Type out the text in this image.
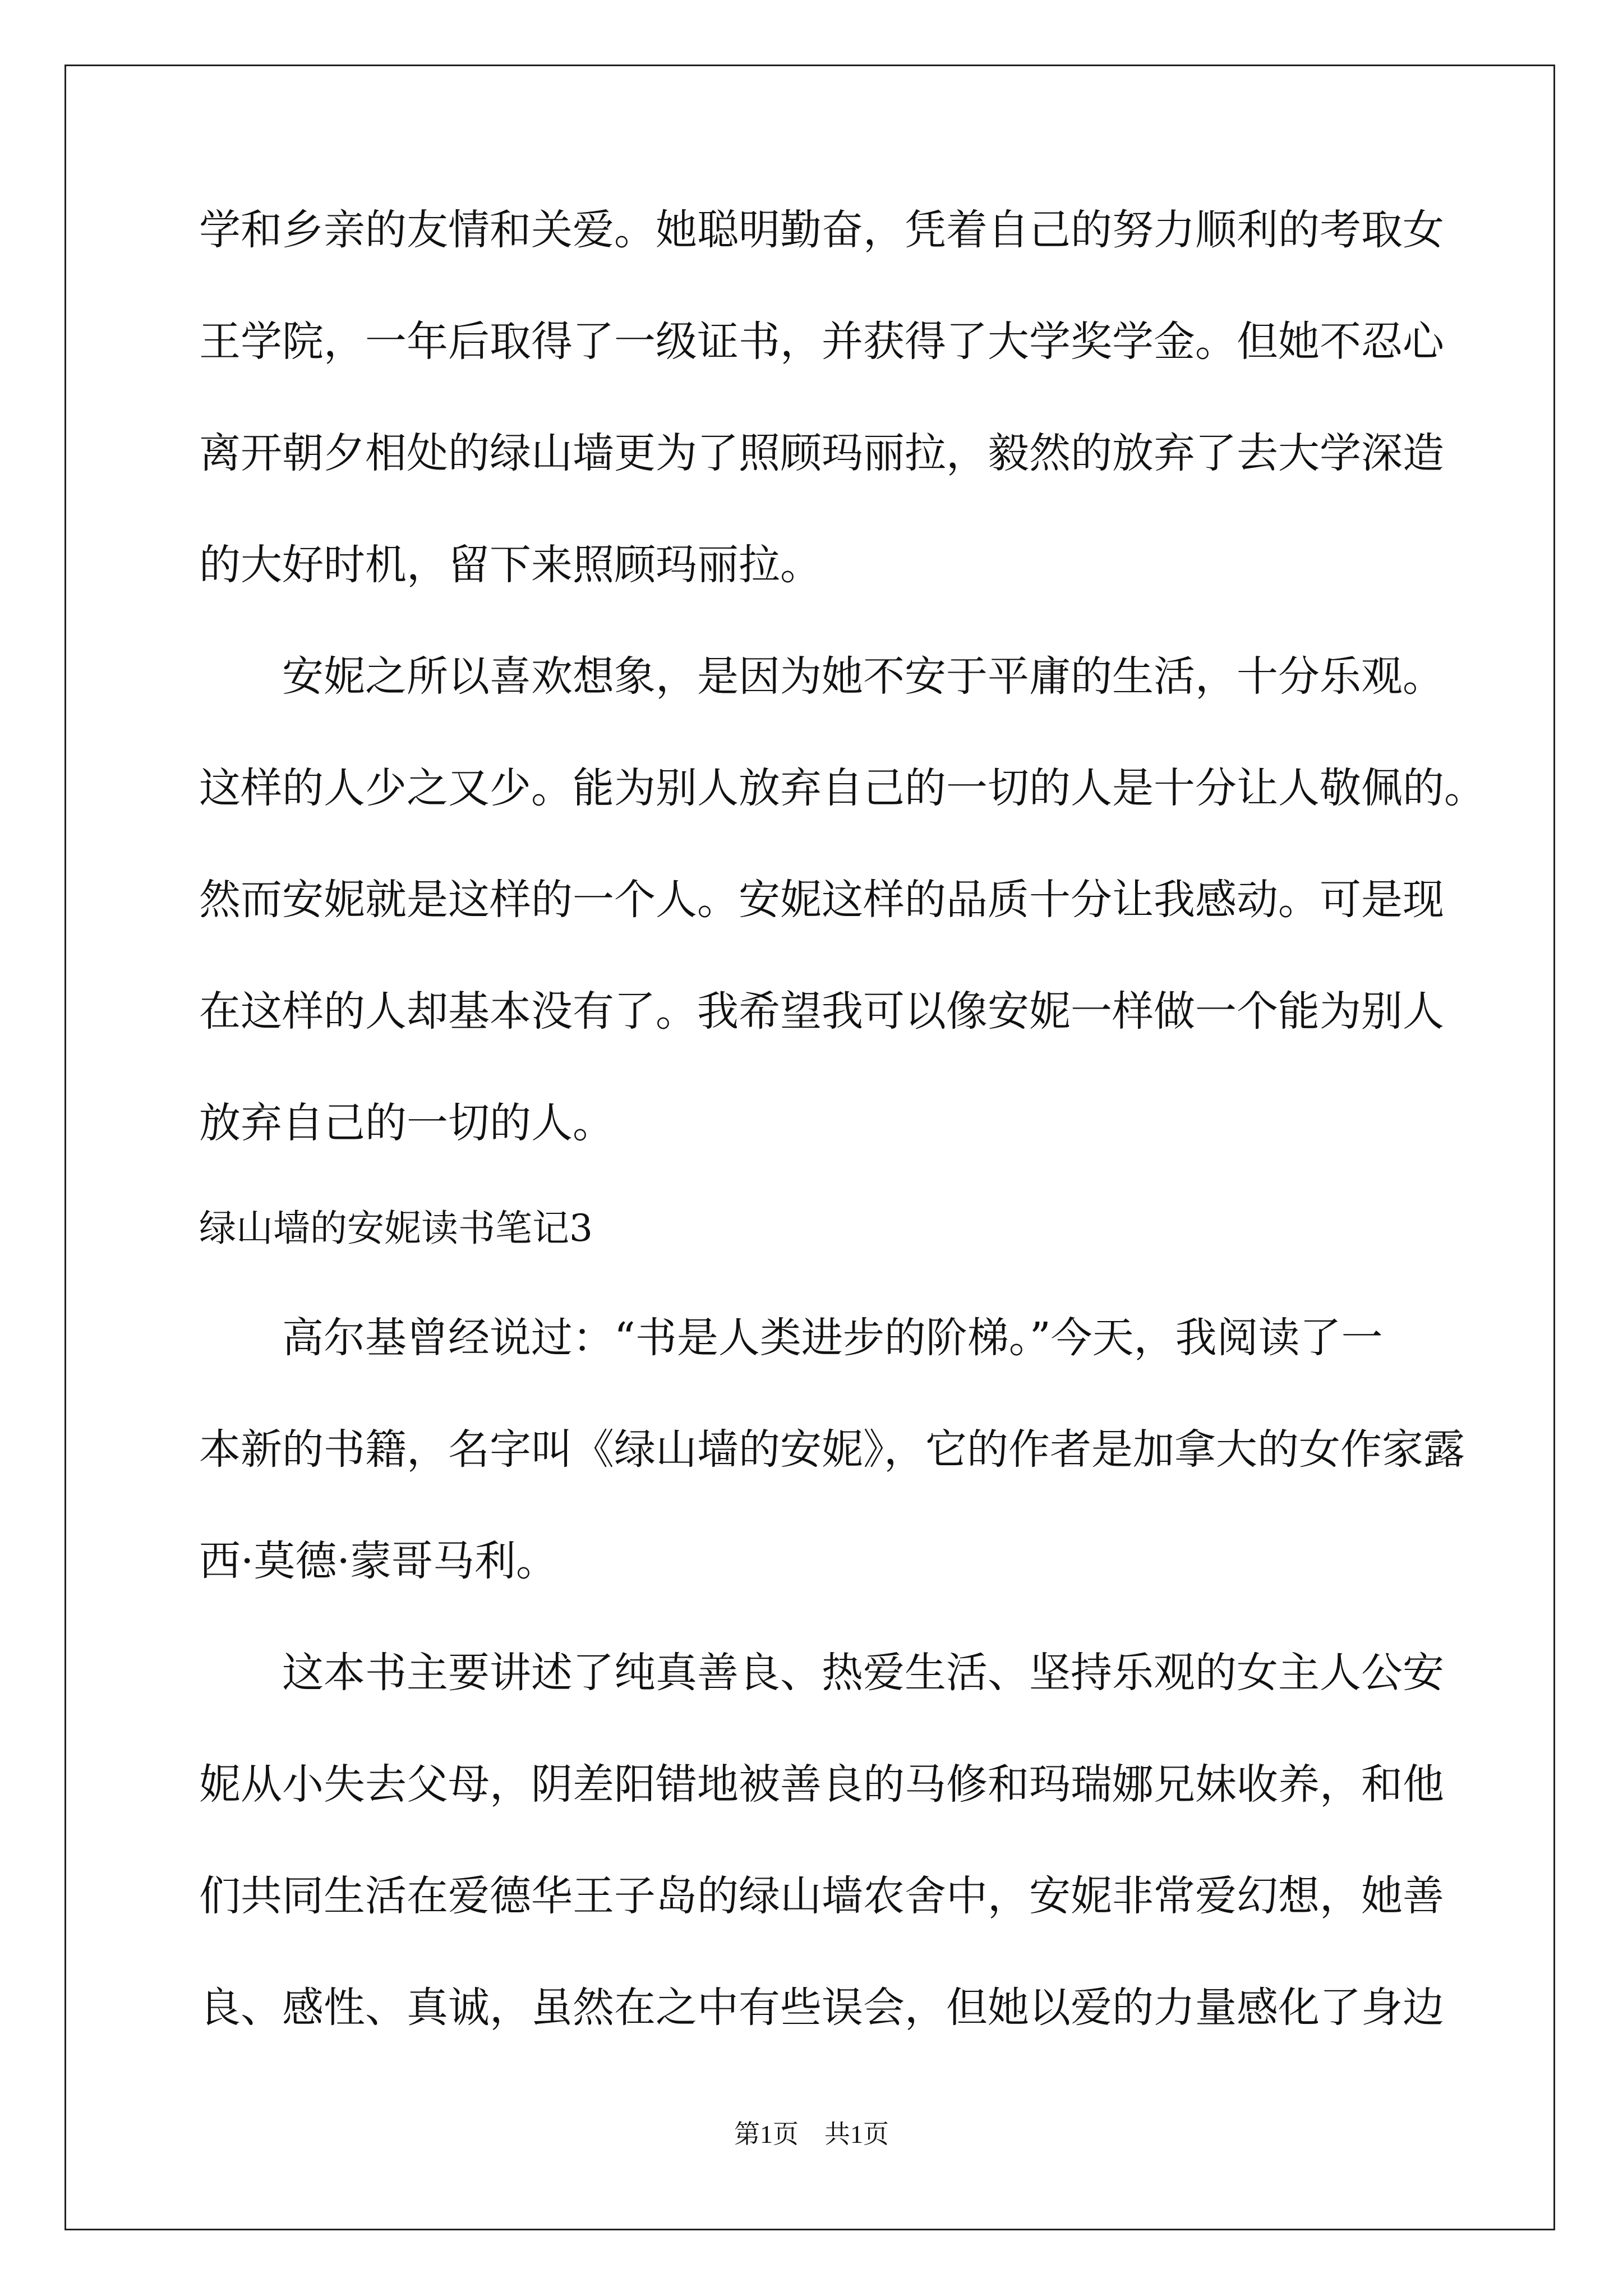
学和乡亲的友情和关爱。她聪明勤奋，凭着自己的努力顺利的考取女
王学院，一年后取得了一级证书，并获得了大学奖学金。但她不忍心
离开朝夕相处的绿山墙更为了照顾玛丽拉，毅然的放弃了去大学深造
的大好时机，留下来照顾玛丽拉。
安妮之所以喜欢想象，是因为她不安于平庸的生活，十分乐观。
这样的人少之又少。能为别人放弃自己的一切的人是十分让人敬佩的。
然而安妮就是这样的一个人。安妮这样的品质十分让我感动。可是现
在这样的人却基本没有了。我希望我可以像安妮一样做一个能为别人
放弃自己的一切的人。
绿山墙的安妮读书笔记3
高尔基曾经说过：“书是人类进步的阶梯。”今天，我阅读了一
本新的书籍，名字叫《绿山墙的安妮》，它的作者是加拿大的女作家露
西·莫德·蒙哥马利。
这本书主要讲述了纯真善良、热爱生活、坚持乐观的女主人公安
妮从小失去父母，阴差阳错地被善良的马修和玛瑞娜兄妹收养，和他
们共同生活在爱德华王子岛的绿山墙农舍中，安妮非常爱幻想，她善
良、感性、真诚，虽然在之中有些误会，但她以爱的力量感化了身边
第1页　共1页
